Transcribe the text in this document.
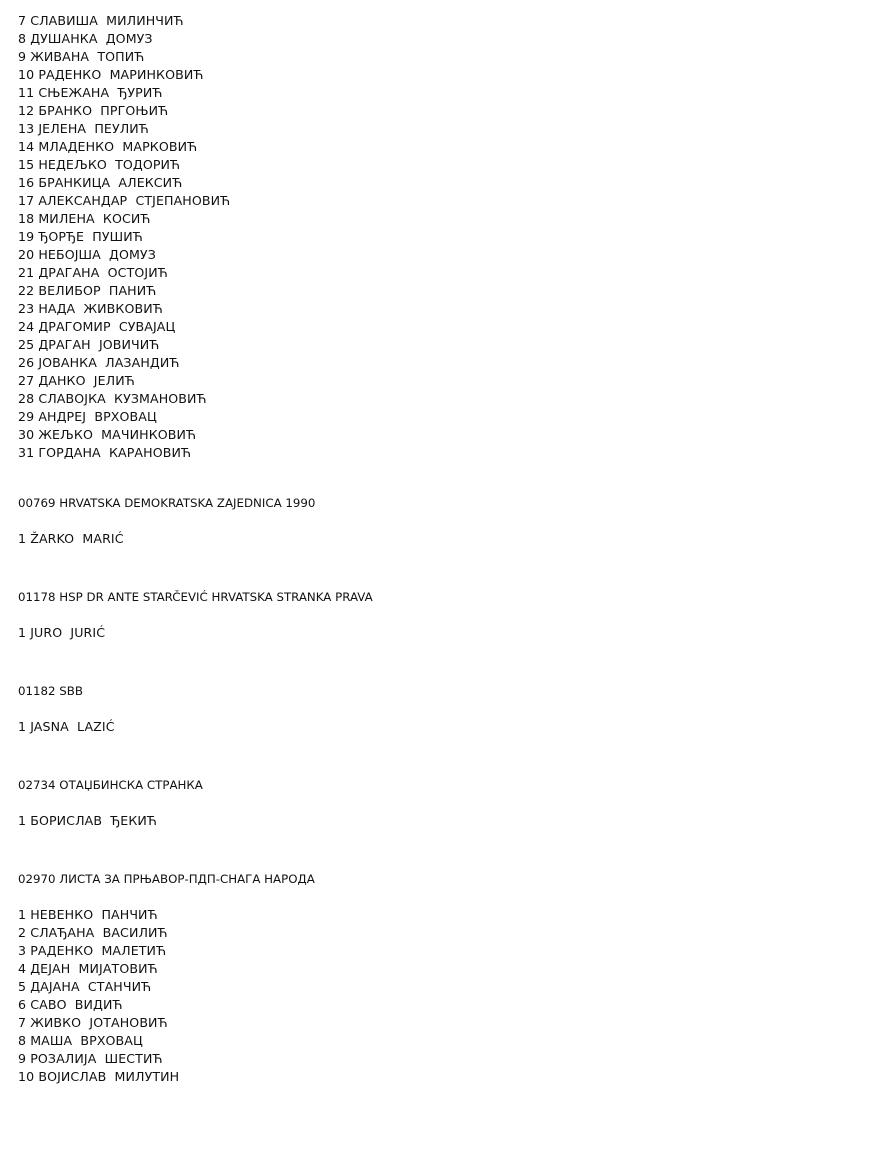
7 СЛАВИША  МИЛИНЧИЋ
8 ДУШАНКА  ДОМУЗ
9 ЖИВАНА  ТОПИЋ
10 РАДЕНКО  МАРИНКОВИЋ
11 СЊЕЖАНА  ЂУРИЋ
12 БРАНКО  ПРГОЊИЋ
13 ЈЕЛЕНА  ПЕУЛИЋ
14 МЛАДЕНКО  МАРКОВИЋ
15 НЕДЕЉКО  ТОДОРИЋ
16 БРАНКИЦА  АЛЕКСИЋ
17 АЛЕКСАНДАР  СТЈЕПАНОВИЋ
18 МИЛЕНА  КОСИЋ
19 ЂОРЂЕ  ПУШИЋ
20 НЕБОЈША  ДОМУЗ
21 ДРАГАНА  ОСТОЈИЋ
22 ВЕЛИБОР  ПАНИЋ
23 НАДА  ЖИВКОВИЋ
24 ДРАГОМИР  СУВАЈАЦ
25 ДРАГАН  ЈОВИЧИЋ
26 ЈОВАНКА  ЛАЗАНДИЋ
27 ДАНКО  ЈЕЛИЋ
28 СЛАВОЈКА  КУЗМАНОВИЋ
29 АНДРЕЈ  ВРХОВАЦ
30 ЖЕЉКО  МАЧИНКОВИЋ
31 ГОРДАНА  КАРАНОВИЋ
00769 HRVATSKA DEMOKRATSKA ZAJEDNICA 1990
1 ŽARKO  MARIĆ
01178 HSP DR ANTE STARČEVIĆ HRVATSKA STRANKA PRAVA
1 JURO  JURIĆ
01182 SBB
1 JASNA  LAZIĆ
02734 ОТАЏБИНСКА СТРАНКА
1 БОРИСЛАВ  ЂЕКИЋ
02970 ЛИСТА ЗА ПРЊАВОР-ПДП-СНАГА НАРОДА
1 НЕВЕНКО  ПАНЧИЋ
2 СЛАЂАНА  ВАСИЛИЋ
3 РАДЕНКО  МАЛЕТИЋ
4 ДЕЈАН  МИЈАТОВИЋ
5 ДАЈАНА  СТАНЧИЋ
6 САВО  ВИДИЋ
7 ЖИВКО  ЈОТАНОВИЋ
8 МАША  ВРХОВАЦ
9 РОЗАЛИЈА  ШЕСТИЋ
10 ВОЈИСЛАВ  МИЛУТИН
